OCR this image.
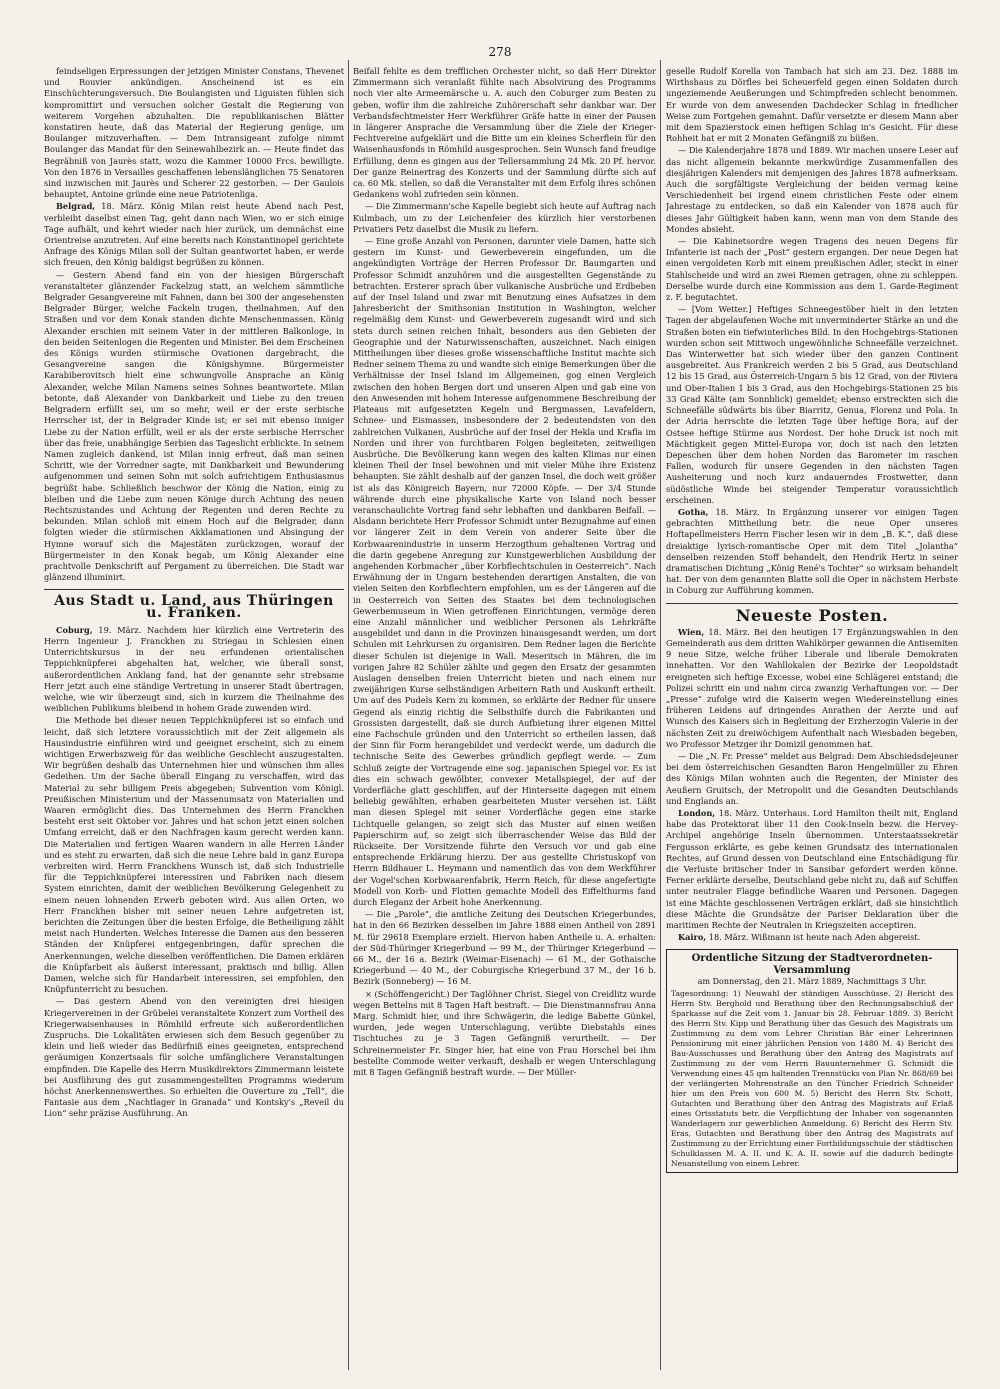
278

feindseligen Erpressungen der jetzigen Minister Constans, Thevenet und Rouvier ankündigen. Anscheinend ist es ein Einschüchterungsversuch. Die Boulangisten und Liguisten fühlen sich kompromittirt und versuchen solcher Gestalt die Regierung von weiterem Vorgehen abzuhalten. Die republikanischen Blätter konstatiren heute, daß das Material der Regierung genüge, um Boulanger mitzuverhaften. — Dem Intransigeant zufolge nimmt Boulanger das Mandat für den Seinewahlbezirk an. — Heute findet das Begräbniß von Jaurès statt, wozu die Kammer 10000 Frcs. bewilligte. Von den 1876 in Versailles geschaffenen lebenslänglichen 75 Senatoren sind inzwischen mit Jaurès und Scherer 22 gestorben. — Der Gaulois behauptet, Antoine gründe eine neue Patriotenliga.

Belgrad, 18. März. König Milan reist heute Abend nach Pest, verbleibt daselbst einen Tag, geht dann nach Wien, wo er sich einige Tage aufhält, und kehrt wieder nach hier zurück, um demnächst eine Orientreise anzutreten. Auf eine bereits nach Konstantinopel gerichtete Anfrage des Königs Milan soll der Sultan geantwortet haben, er werde sich freuen, den König baldigst begrüßen zu können.

— Gestern Abend fand ein von der hiesigen Bürgerschaft veranstalteter glänzender Fackelzug statt, an welchem sämmtliche Belgrader Gesangvereine mit Fahnen, dann bei 300 der angesehensten Belgrader Bürger, welche Fackeln trugen, theilnahmen. Auf den Straßen und vor dem Konak standen dichte Menschenmassen. König Alexander erschien mit seinem Vater in der mittleren Balkonloge, in den beiden Seitenlogen die Regenten und Minister. Bei dem Erscheinen des Königs wurden stürmische Ovationen dargebracht, die Gesangvereine sangen die Königshymne. Bürgermeister Karabiberovitsch hielt eine schwungvolle Ansprache an König Alexander, welche Milan Namens seines Sohnes beantwortete. Milan betonte, daß Alexander von Dankbarkeit und Liebe zu den treuen Belgradern erfüllt sei, um so mehr, weil er der erste serbische Herrscher ist, der in Belgrader Kinde ist; er sei mit ebenso inniger Liebe zu der Nation erfüllt, weil er als der erste serbische Herrscher über das freie, unabhängige Serbien das Tageslicht erblickte. In seinem Namen zugleich dankend, ist Milan innig erfreut, daß man seinen Schritt, wie der Vorredner sagte, mit Dankbarkeit und Bewunderung aufgenommen und seinen Sohn mit solch aufrichtigem Enthusiasmus begrüßt habe. Schließlich beschwor der König die Nation, einig zu bleiben und die Liebe zum neuen Könige durch Achtung des neuen Rechtszustandes und Achtung der Regenten und deren Rechte zu bekunden. Milan schloß mit einem Hoch auf die Belgrader, dann folgten wieder die stürmischen Akklamationen und Absingung der Hymne worauf sich die Majestäten zurückzogen, worauf der Bürgermeister in den Konak begab, um König Alexander eine prachtvolle Denkschrift auf Pergament zu überreichen. Die Stadt war glänzend illuminirt.

Aus Stadt u. Land, aus Thüringen u. Franken.

Coburg, 19. März. Nachdem hier kürzlich eine Vertreterin des Herrn Ingenieur J. Franckhen zu Striegau in Schlesien einen Unterrichtskursus in der neu erfundenen orientalischen Teppichknüpferei abgehalten hat, welcher, wie überall sonst, außerordentlichen Anklang fand, hat der genannte sehr strebsame Herr jetzt auch eine ständige Vertretung in unserer Stadt übertragen, welche, wie wir überzeugt sind, sich in kurzem die Theilnahme des weiblichen Publikums bleibend in hohem Grade zuwenden wird.

Die Methode bei dieser neuen Teppichknüpferei ist so einfach und leicht, daß sich letztere voraussichtlich mit der Zeit allgemein als Hausindustrie einführen wird und geeignet erscheint, sich zu einem wichtigen Erwerbszweig für das weibliche Geschlecht auszugestalten. Wir begrüßen deshalb das Unternehmen hier und wünschen ihm alles Gedeihen. Um der Sache überall Eingang zu verschaffen, wird das Material zu sehr billigem Preis abgegeben; Subvention vom Königl. Preußischen Ministerium und der Massenumsatz von Materialien und Waaren ermöglicht dies. Das Unternehmen des Herrn Franckhen besteht erst seit Oktober vor. Jahres und hat schon jetzt einen solchen Umfang erreicht, daß er den Nachfragen kaum gerecht werden kann. Die Materialien und fertigen Waaren wandern in alle Herren Länder und es steht zu erwarten, daß sich die neue Lehre bald in ganz Europa verbreiten wird. Herrn Franckhens Wunsch ist, daß sich Industrielle für die Teppichknüpferei interessiren und Fabriken nach diesem System einrichten, damit der weiblichen Bevölkerung Gelegenheit zu einem neuen lohnenden Erwerb geboten wird. Aus allen Orten, wo Herr Franckhen bisher mit seiner neuen Lehre aufgetreten ist, berichten die Zeitungen über die besten Erfolge, die Betheiligung zählt meist nach Hunderten. Welches Interesse die Damen aus den besseren Ständen der Knüpferei entgegenbringen, dafür sprechen die Anerkennungen, welche dieselben veröffentlichen. Die Damen erklären die Knüpfarbeit als äußerst interessant, praktisch und billig. Allen Damen, welche sich für Handarbeit interessiren, sei empfohlen, den Knüpfunterricht zu besuchen.

— Das gestern Abend von den vereinigten drei hiesigen Kriegervereinen in der Grübelei veranstaltete Konzert zum Vortheil des Kriegerwaisenhauses in Römhild erfreute sich außerordentlichen Zuspruchs. Die Lokalitäten erwiesen sich dem Besuch gegenüber zu klein und ließ wieder das Bedürfniß eines geeigneten, entsprechend geräumigen Konzertsaals für solche umfänglichere Veranstaltungen empfinden. Die Kapelle des Herrn Musikdirektors Zimmermann leistete bei Ausführung des gut zusammengestellten Programms wiederum höchst Anerkennenswerthes. So erhielten die Ouverture zu „Tell“, die Fantasie aus dem „Nachtlager in Granada“ und Kontsky's „Reveil du Lion“ sehr präzise Ausführung. An

Beifall fehlte es dem trefflichen Orchester nicht, so daß Herr Direktor Zimmermann sich veranlaßt fühlte nach Absolvirung des Programms noch vier alte Armeemärsche u. A. auch den Coburger zum Besten zu geben, wofür ihm die zahlreiche Zuhörerschaft sehr dankbar war. Der Verbandsfechtmeister Herr Werkführer Gräfe hatte in einer der Pausen in längerer Ansprache die Versammlung über die Ziele der Krieger-Fechtvereine aufgeklärt und die Bitte um ein kleines Scherflein für den Waisenhausfonds in Römhild ausgesprochen. Sein Wunsch fand freudige Erfüllung, denn es gingen aus der Tellersammlung 24 Mk. 20 Pf. hervor. Der ganze Reinertrag des Konzerts und der Sammlung dürfte sich auf ca. 60 Mk. stellen, so daß die Veranstalter mit dem Erfolg ihres schönen Gedankens wohl zufrieden sein können.

— Die Zimmermann'sche Kapelle begiebt sich heute auf Auftrag nach Kulmbach, um zu der Leichenfeier des kürzlich hier verstorbenen Privatiers Petz daselbst die Musik zu liefern.

— Eine große Anzahl von Personen, darunter viele Damen, hatte sich gestern im Kunst- und Gewerbeverein eingefunden, um die angekündigten Vorträge der Herren Professor Dr. Baumgarten und Professor Schmidt anzuhören und die ausgestellten Gegenstände zu betrachten. Ersterer sprach über vulkanische Ausbrüche und Erdbeben auf der Insel Island und zwar mit Benutzung eines Aufsatzes in dem Jahresbericht der Smithsonian Institution in Washington, welcher regelmäßig dem Kunst- und Gewerbeverein zugesandt wird und sich stets durch seinen reichen Inhalt, besonders aus den Gebieten der Geographie und der Naturwissenschaften, auszeichnet. Nach einigen Mittheilungen über dieses große wissenschaftliche Institut machte sich Redner seinem Thema zu und wandte sich einige Bemerkungen über die Verhältnisse der Insel Island im Allgemeinen, gog einen Vergleich zwischen den hohen Bergen dort und unseren Alpen und gab eine von den Anwesenden mit hohem Interesse aufgenommene Beschreibung der Plateaus mit aufgesetzten Kegeln und Bergmassen, Lavafeldern, Schnee- und Eismassen, insbesondere der 2 bedeutendsten von den zahlreichen Vulkanen, Ausbrüche auf der Insel der Hekla und Krafla im Norden und ihrer von furchtbaren Folgen begleiteten, zeitweiligen Ausbrüche. Die Bevölkerung kann wegen des kalten Klimas nur einen kleinen Theil der Insel bewohnen und mit vieler Mühe ihre Existenz behaupten. Sie zählt deshalb auf der ganzen Insel, die doch weit größer ist als das Königreich Bayern, nur 72000 Köpfe. — Der 3/4 Stunde währende durch eine physikalische Karte von Island noch besser veranschaulichte Vortrag fand sehr lebhaften und dankbaren Beifall. — Alsdann berichtete Herr Professor Schmidt unter Bezugnahme auf einen vor längerer Zeit in dem Verein von anderer Seite über die Korbwaarenindustrie in unserm Herzogthum gehaltenen Vortrag und die darin gegebene Anregung zur Kunstgewerblichen Ausbildung der angehenden Korbmacher „über Korbflechtschulen in Oesterreich“. Nach Erwähnung der in Ungarn bestehenden derartigen Anstalten, die von vielen Seiten den Korbflechtern empfohlen, um es der Längeren auf die in Oesterreich von Seiten des Staates bei dem technologischen Gewerbemuseum in Wien getroffenen Einrichtungen, vermöge deren eine Anzahl männlicher und weiblicher Personen als Lehrkräfte ausgebildet und dann in die Provinzen hinausgesandt werden, um dort Schulen mit Lehrkursen zu organisiren. Dem Redner lagen die Berichte dieser Schulen ist diejenige in Wall. Meseritsch in Mähren, die im vorigen Jahre 82 Schüler zählte und gegen den Ersatz der gesammten Auslagen denselben freien Unterricht bieten und nach einem nur zweijährigen Kurse selbständigen Arbeitern Rath und Auskunft ertheilt. Um auf des Pudels Kern zu kommen, so erklärte der Redner für unsere Gegend als einzig richtig die Selbsthilfe durch die Fabrikanten und Grossisten dargestellt, daß sie durch Aufbietung ihrer eigenen Mittel eine Fachschule gründen und den Unterricht so ertheilen lassen, daß der Sinn für Form herangebildet und verdeckt werde, um dadurch die technische Seite des Gewerbes gründlich gepflegt werde. — Zum Schluß zeigte der Vortragende eine sog. japanischen Spiegel vor. Es ist dies ein schwach gewölbter, convexer Metallspiegel, der auf der Vorderfläche glatt geschliffen, auf der Hinterseite dagegen mit einem beliebig gewählten, erhaben gearbeiteten Muster versehen ist. Läßt man diesen Spiegel mit seiner Vorderfläche gegen eine starke Lichtquelle gelangen, so zeigt sich das Muster auf einen weißen Papierschirm auf, so zeigt sich überraschender Weise das Bild der Rückseite. Der Vorsitzende führte den Versuch vor und gab eine entsprechende Erklärung hierzu. Der aus gestellte Christuskopf von Herrn Bildhauer L. Heymann und namentlich das von dem Werkführer der Vogel'schen Korbwaarenfabrik, Herrn Reich, für diese angefertigte Modell von Korb- und Flotten gemachte Modell des Eiffelthurms fand durch Eleganz der Arbeit hohe Anerkennung.

— Die „Parole“, die amtliche Zeitung des Deutschen Kriegerbundes, hat in den 66 Bezirken desselben im Jahre 1888 einen Antheil von 2891 M. für 29618 Exemplare erzielt. Hiervon haben Antheile u. A. erhalten: der Süd-Thüringer Kriegerbund — 99 M., der Thüringer Kriegerbund — 66 M., der 16 a. Bezirk (Weimar-Eisenach) — 61 M., der Gothaische Kriegerbund — 40 M., der Coburgische Kriegerbund 37 M., der 16 b. Bezirk (Sonneberg) — 16 M.

× (Schöffengericht.) Der Taglöhner Christ. Siegel von Creidlitz wurde wegen Bettelns mit 8 Tagen Haft bestraft. — Die Dienstmannsfrau Anna Marg. Schmidt hier, und ihre Schwägerin, die ledige Babette Günkel, wurden, jede wegen Unterschlagung, verübte Diebstahls eines Tischtuches zu je 3 Tagen Gefängniß verurtheilt. — Der Schreinermeister Fr. Singer hier, hat eine von Frau Horschel bei ihm bestellte Commode weiter verkauft, deshalb er wegen Unterschlagung mit 8 Tagen Gefängniß bestraft wurde. — Der Müller-

geselle Rudolf Korella von Tambach hat sich am 23. Dez. 1888 im Wirthshaus zu Dörfles bei Scheuerfeld gegen einen Soldaten durch ungeziemende Aeußerungen und Schimpfreden schlecht benommen. Er wurde von dem anwesenden Dachdecker Schlag in friedlicher Weise zum Fortgehen gemahnt. Dafür versetzte er diesem Mann aber mit dem Spazierstock einen heftigen Schlag in's Gesicht. Für diese Rohheit hat er mit 2 Monaten Gefängniß zu büßen.

— Die Kalenderjahre 1878 und 1889. Wir machen unsere Leser auf das nicht allgemein bekannte merkwürdige Zusammenfallen des diesjährigen Kalenders mit demjenigen des Jahres 1878 aufmerksam. Auch die sorgfältigste Vergleichung der beiden vermag keine Verschiedenheit bei irgend einem christlichen Feste oder einem Jahrestage zu entdecken, so daß ein Kalender von 1878 auch für dieses Jahr Gültigkeit haben kann, wenn man von dem Stande des Mondes absieht.

— Die Kabinetsordre wegen Tragens des neuen Degens für Infanterie ist nach der „Post“ gestern ergangen. Der neue Degen hat einen vergoldeten Korb mit einem preußischen Adler, steckt in einer Stahlscheide und wird an zwei Riemen getragen, ohne zu schleppen. Derselbe wurde durch eine Kommission aus dem 1. Garde-Regiment z. F. begutachtet.

— [Vom Wetter.] Heftiges Schneegestöber hielt in den letzten Tagen der abgelaufenen Woche mit unverminderter Stärke an und die Straßen boten ein tiefwinterliches Bild. In den Hochgebirgs-Stationen wurden schon seit Mittwoch ungewöhnliche Schneefälle verzeichnet. Das Winterwetter hat sich wieder über den ganzen Continent ausgebreitet. Aus Frankreich werden 2 bis 5 Grad, aus Deutschland 12 bis 15 Grad, aus Österreich-Ungarn 5 bis 12 Grad, von der Riviera und Ober-Italien 1 bis 3 Grad, aus den Hochgebirgs-Stationen 25 bis 33 Grad Kälte (am Sonnblick) gemeldet; ebenso erstreckten sich die Schneefälle südwärts bis über Biarritz, Genua, Florenz und Pola. In der Adria herrschte die letzten Tage über heftige Bora, auf der Ostsee heftige Stürme aus Nordost. Der hohe Druck ist noch mit Mächtigkeit gegen Mittel-Europa vor, doch ist nach den letzten Depeschen über dem hohen Norden das Barometer im raschen Fallen, wodurch für unsere Gegenden in den nächsten Tagen Ausheiterung und noch kurz andauerndes Frostwetter, dann südöstliche Winde bei steigender Temperatur voraussichtlich erscheinen.

Gotha, 18. März. In Ergänzung unserer vor einigen Tagen gebrachten Mittheilung betr. die neue Oper unseres Hoftapellmeisters Herrn Fischer lesen wir in dem „B. K.“, daß diese dreiaktige lyrisch-romantische Oper mit dem Titel „Jolantha“ denselben reizenden Stoff behandelt, den Hendrik Hertz in seiner dramatischen Dichtung „König René's Tochter“ so wirksam behandelt hat. Der von dem genannten Blatte soll die Oper in nächstem Herbste in Coburg zur Aufführung kommen.

Neueste Posten.

Wien, 18. März. Bei den heutigen 17 Ergänzungswahlen in den Gemeinderath aus dem dritten Wahlkörper gewannen die Antisemiten 9 neue Sitze, welche früher Liberale und liberale Demokraten innehatten. Vor den Wahllokalen der Bezirke der Leopoldstadt ereigneten sich heftige Excesse, wobei eine Schlägerei entstand; die Polizei schritt ein und nahm circa zwanzig Verhaftungen vor. — Der „Presse“ zufolge wird die Kaiserin wegen Wiedereinstellung eines früheren Leidens auf dringendes Anrathen der Aerzte und auf Wunsch des Kaisers sich in Begleitung der Erzherzogin Valerie in der nächsten Zeit zu dreiwöchigem Aufenthalt nach Wiesbaden begeben, wo Professor Metzger ihr Domizil genommen hat.

— Die „N. Fr. Presse“ meldet aus Belgrad: Dem Abschiedsdejeuner bei dem österreichischen Gesandten Baron Hengelmüller zu Ehren des Königs Milan wohnten auch die Regenten, der Minister des Aeußern Gruitsch, der Metropolit und die Gesandten Deutschlands und Englands an.

London, 18. März. Unterhaus. Lord Hamilton theilt mit, England habe das Protektorat über 11 den Cook-Inseln bezw. die Hervey-Archipel angehörige Inseln übernommen. Unterstaatssekretär Fergusson erklärte, es gebe keinen Grundsatz des internationalen Rechtes, auf Grund dessen von Deutschland eine Entschädigung für die Verluste britischer Inder in Sansibar gefordert werden könne. Ferner erklärte derselbe, Deutschland gebe nicht zu, daß auf Schiffen unter neutraler Flagge befindliche Waaren und Personen. Dagegen ist eine Mächte geschlossenen Verträgen erklärt, daß sie hinsichtlich diese Mächte die Grundsätze der Pariser Deklaration über die maritimen Rechte der Neutralen in Kriegszeiten acceptiren.

Kairo, 18. März. Wißmann ist heute nach Aden abgereist.

Ordentliche Sitzung der Stadtverordneten-Versammlung
am Donnerstag, den 21. März 1889, Nachmittags 3 Uhr.
Tagesordnung: 1) Neuwahl der ständigen Ausschüsse. 2) Bericht des Herrn Stv. Berghold und Berathung über den Rechnungsabschluß der Sparkasse auf die Zeit vom 1. Januar bis 28. Februar 1889. 3) Bericht des Herrn Stv. Kipp und Berathung über das Gesuch des Magistrats um Zustimmung zu dem vom Lehrer Christian Bär einer Lehrerinnen Pensionirung mit einer jährlichen Pension von 1480 M. 4) Bericht des Bau-Ausschusses und Berathung über den Antrag des Magistrats auf Zustimmung zu der vom Herrn Bauunternehmer G. Schmidt die Verwendung eines 45 qm haltenden Trennstücks von Plan Nr. 868/69 bei der verlängerten Mohrenstraße an den Tüncher Friedrich Schneider hier um den Preis von 600 M. 5) Bericht des Herrn Stv. Schott, Gutachten und Berathung über den Antrag des Magistrats auf Erlaß eines Ortsstatuts betr. die Verpflichtung der Inhaber von sogenannten Wanderlagern zur gewerblichen Anmeldung. 6) Bericht des Herrn Stv. Eras, Gutachten und Berathung über den Antrag des Magistrats auf Zustimmung zu der Errichtung einer Fortbildungsschule der städtischen Schulklassen M. A. II. und K. A. II. sowie auf die dadurch bedingte Neuanstellung von einem Lehrer.
